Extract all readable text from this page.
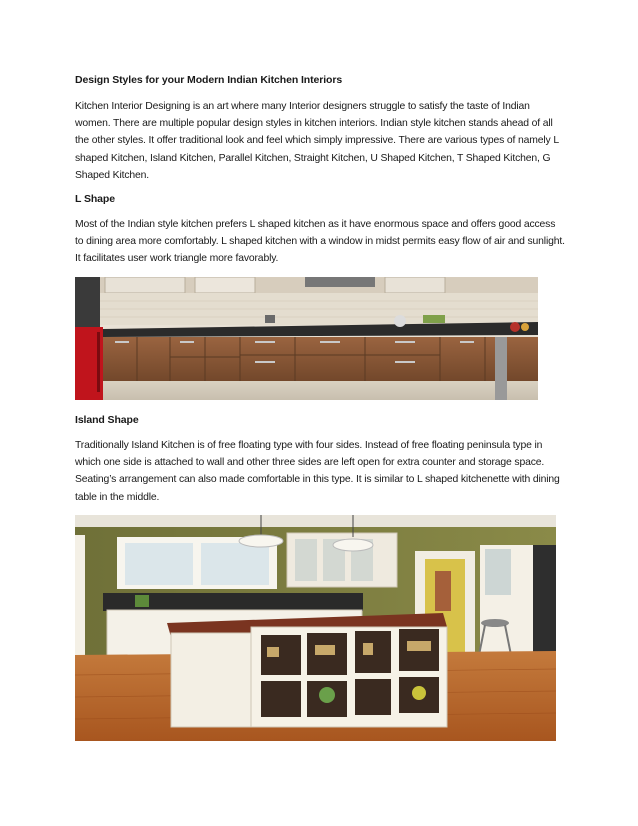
Design Styles for your Modern Indian Kitchen Interiors
Kitchen Interior Designing is an art where many Interior designers struggle to satisfy the taste of Indian women. There are multiple popular design styles in kitchen interiors. Indian style kitchen stands ahead of all the other styles. It offer traditional look and feel which simply impressive. There are various types of namely L shaped Kitchen, Island Kitchen, Parallel Kitchen, Straight Kitchen, U Shaped Kitchen, T Shaped Kitchen, G Shaped Kitchen.
L Shape
Most of the Indian style kitchen prefers L shaped kitchen as it have enormous space and offers good access to dining area more comfortably. L shaped kitchen with a window in midst permits easy flow of air and sunlight. It facilitates user work triangle more favorably.
Island Shape
Traditionally Island Kitchen is of free floating type with four sides. Instead of free floating peninsula type in which one side is attached to wall and other three sides are left open for extra counter and storage space. Seating’s arrangement can also made comfortable in this type. It is similar to L shaped kitchenette with dining table in the middle.
